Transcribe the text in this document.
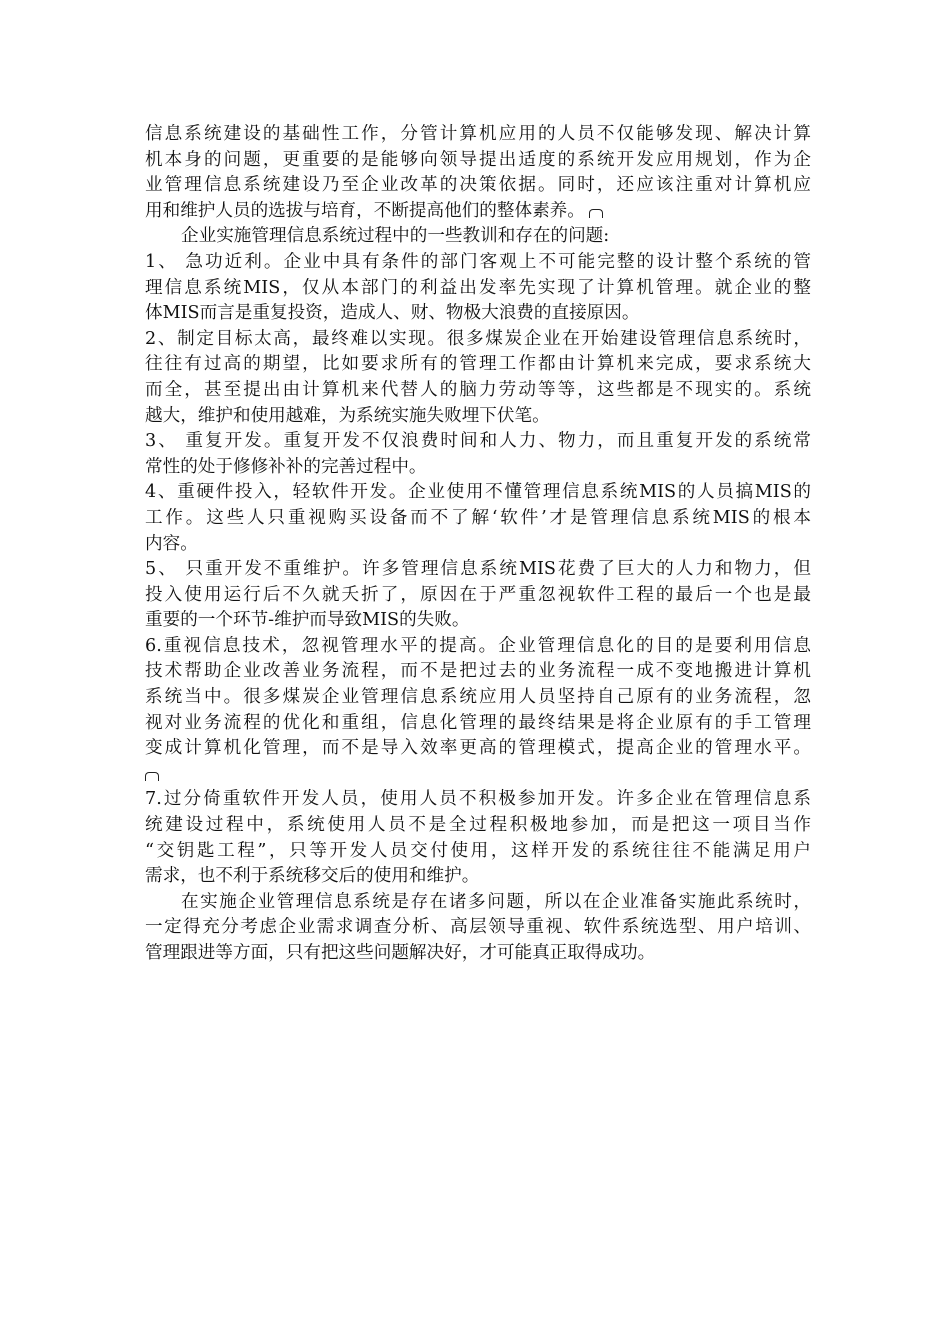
信息系统建设的基础性工作，分管计算机应用的人员不仅能够发现、解决计算
机本身的问题，更重要的是能够向领导提出适度的系统开发应用规划，作为企
业管理信息系统建设乃至企业改革的决策依据。同时，还应该注重对计算机应
用和维护人员的选拔与培育，不断提高他们的整体素养。
企业实施管理信息系统过程中的一些教训和存在的问题:
1、 急功近利。企业中具有条件的部门客观上不可能完整的设计整个系统的管
理信息系统MIS，仅从本部门的利益出发率先实现了计算机管理。就企业的整
体MIS而言是重复投资，造成人、财、物极大浪费的直接原因。
2、制定目标太高，最终难以实现。很多煤炭企业在开始建设管理信息系统时，
往往有过高的期望，比如要求所有的管理工作都由计算机来完成，要求系统大
而全，甚至提出由计算机来代替人的脑力劳动等等，这些都是不现实的。系统
越大，维护和使用越难，为系统实施失败埋下伏笔。
3、 重复开发。重复开发不仅浪费时间和人力、物力，而且重复开发的系统常
常性的处于修修补补的完善过程中。
4、重硬件投入，轻软件开发。企业使用不懂管理信息系统MIS的人员搞MIS的
工作。这些人只重视购买设备而不了解‘软件’才是管理信息系统MIS的根本
内容。
5、 只重开发不重维护。许多管理信息系统MIS花费了巨大的人力和物力，但
投入使用运行后不久就夭折了，原因在于严重忽视软件工程的最后一个也是最
重要的一个环节-维护而导致MIS的失败。
6.重视信息技术，忽视管理水平的提高。企业管理信息化的目的是要利用信息
技术帮助企业改善业务流程，而不是把过去的业务流程一成不变地搬进计算机
系统当中。很多煤炭企业管理信息系统应用人员坚持自己原有的业务流程，忽
视对业务流程的优化和重组，信息化管理的最终结果是将企业原有的手工管理
变成计算机化管理，而不是导入效率更高的管理模式，提高企业的管理水平。
7.过分倚重软件开发人员，使用人员不积极参加开发。许多企业在管理信息系
统建设过程中，系统使用人员不是全过程积极地参加，而是把这一项目当作
“交钥匙工程”，只等开发人员交付使用，这样开发的系统往往不能满足用户
需求，也不利于系统移交后的使用和维护。
在实施企业管理信息系统是存在诸多问题，所以在企业准备实施此系统时，
一定得充分考虑企业需求调查分析、高层领导重视、软件系统选型、用户培训、
管理跟进等方面，只有把这些问题解决好，才可能真正取得成功。
